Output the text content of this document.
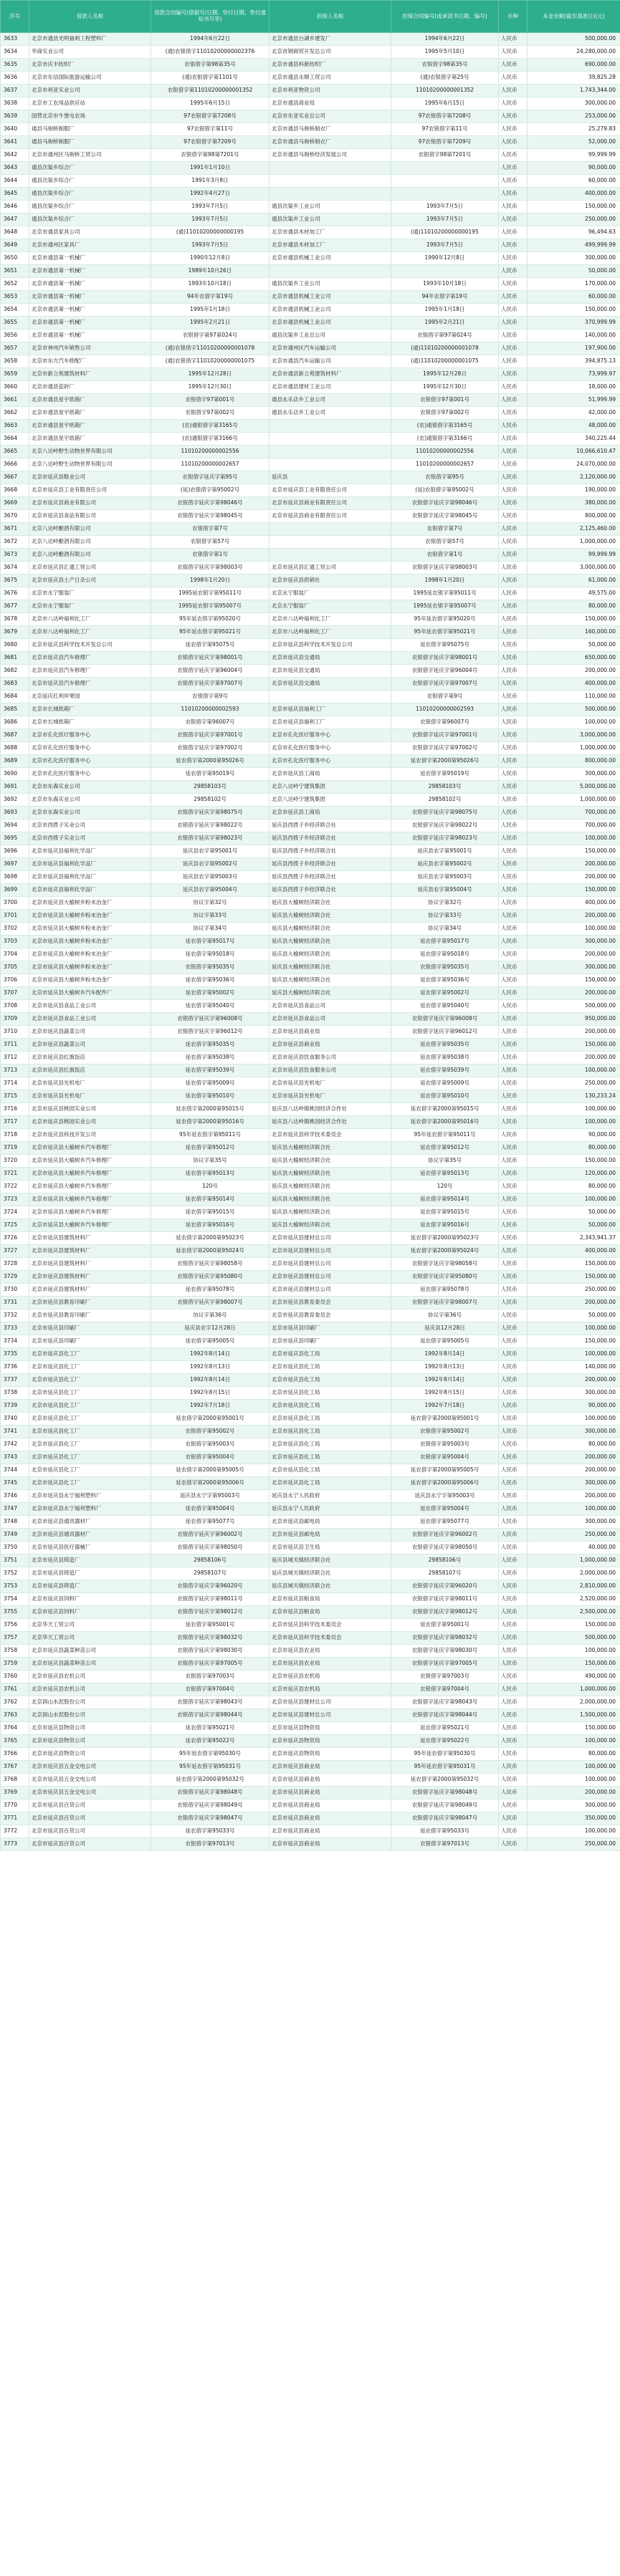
序号	借款人名称	借款合同编号(借据号/日期、垫付日期、垫付通知书号等)	担保人名称	担保合同编号(或承诺书日期、编号)	币种	本金余额(截至基准日)(元)
3633	北京市通县光明福利工程塑料厂	1994年6月22日	北京市通县台湖乡建发厂	1994年6月22日	人民币	500,000.00
3634	华商实业公司	(通)农银借字11010200000002376	北京首钢商贸开发总公司	1995年5月10日	人民币	24,280,000.00
3635	北京市庆丰纺织厂	农银借字第98第35号	北京市通县科新纺织厂	农银借字98第35号	人民币	690,000.00
3636	北京市东信国际旅游运输公司	(通)农银借字第1101号	北京市通县永顺工贸公司	(通)农银借字第25号	人民币	39,825.28
3637	北京市利亚实业公司	农银借字第11010200000001352	北京市利亚物资公司	11010200000001352	人民币	1,743,344.00
3638	北京市工农用品供应站	1995年6月15日	北京市通县商业局	1995年6月15日	人民币	300,000.00
3639	国营北京市牛堡屯农场	97农银借字第7208号	北京市东亚实业总公司	97农银借字第7208号	人民币	253,000.00
3640	通县马驹桥制服厂	97农银借字第11号	北京市通县马驹桥制衣厂	97农银借字第11号	人民币	25,279.83
3641	通县马驹桥制服厂	97农银借字第7209号	北京市通县马驹桥制衣厂	97农银借字第7209号	人民币	52,000.00
3642	北京市通州区马驹桥工贸公司	农银借字第98第7201号	北京市通县马驹桥经济发展公司	农银借字98第7201号	人民币	99,999.99
3643	通县次渠乡综合厂	1991年1月10日			人民币	90,000.00
3644	通县次渠乡综合厂	1991年3月8日			人民币	60,000.00
3645	通县次渠乡综合厂	1992年4月27日			人民币	400,000.00
3646	通县次渠乡综合厂	1993年7月5日	通县次渠乡工业公司	1993年7月5日	人民币	150,000.00
3647	通县次渠乡综合厂	1993年7月5日	通县次渠乡工业公司	1993年7月5日	人民币	250,000.00
3648	北京市通县家具公司	(通)11010200000000195	北京市通县木材加工厂	(通)11010200000000195	人民币	96,494.63
3649	北京市通州区家具厂	1993年7月5日	北京市通县木材加工厂	1993年7月5日	人民币	499,999.99
3650	北京市通县第一机械厂	1990年12月8日	北京市通县机械工业公司	1990年12月8日	人民币	300,000.00
3651	北京市通县第一机械厂	1989年10月26日			人民币	50,000.00
3652	北京市通县第一机械厂	1993年10月18日	通县次渠乡工业公司	1993年10月18日	人民币	170,000.00
3653	北京市通县第一机械厂	94年农借字第19号	北京市通县机械工业公司	94年农借字第19号	人民币	60,000.00
3654	北京市通县第一机械厂	1995年1月18日	北京市通县机械工业公司	1995年1月18日	人民币	150,000.00
3655	北京市通县第一机械厂	1995年2月21日	北京市通县机械工业公司	1995年2月21日	人民币	370,999.99
3656	北京市通县第一机械厂	农银借字第97第024号	通县次渠乡工业总公司	农银借字第97第024号	人民币	140,000.00
3657	北京市神州汽车销售公司	(通)农银借字11010200000001078	北京市通州区汽车运输公司	(通)11010200000001078	人民币	197,900.00
3658	北京市东方汽车修配厂	(通)农银借字11010200000001075	北京市通县汽车运输公司	(通)11010200000001075	人民币	394,875.13
3659	北京市新立苑建筑材料厂	1995年12月28日	北京市通县新立苑建筑材料厂	1995年12月28日	人民币	73,999.97
3660	北京市通县瓷砖厂	1995年12月30日	北京市通县建材工业公司	1995年12月30日	人民币	18,000.00
3661	北京市通县星宇纸箱厂	农银借字97第001号	通县永乐店乡工业公司	农银借字97第001号	人民币	51,999.99
3662	北京市通县星宇纸箱厂	农银借字97第002号	通县永乐店乡工业公司	农银借字97第002号	人民币	42,000.00
3663	北京市通县星宇纸箱厂	(农)通银借字第3165号		(农)通银借字第3165号	人民币	48,000.00
3664	北京市通县星宇纸箱厂	(农)通银借字第3166号		(农)通银借字第3166号	人民币	340,225.44
3665	北京八达岭野生动物世界有限公司	11010200000002556		11010200000002556	人民币	10,066,610.47
3666	北京八达岭野生动物世界有限公司	11010200000002657		11010200000002657	人民币	24,070,000.00
3667	北京市延庆县鞋业公司	农银借字延庆字第95号	延庆县	农银借字第95号	人民币	2,120,000.00
3668	北京市延庆县工业有限责任公司	(延)农银借字第95002号	北京市延庆县工业有限责任公司	(延)农银借字第95002号	人民币	190,000.00
3669	北京市延庆县商业有限公司	农银借字延庆字第98046号	北京市延庆县商业有限责任公司	农银借字延庆字第98046号	人民币	380,000.00
3670	北京市延庆县食品有限公司	农银借字延庆字第98045号	北京市延庆县商业有限责任公司	农银借字延庆字第98045号	人民币	800,000.00
3671	北京八达岭酿酒有限公司	农银借字第7号		农银借字第7号	人民币	2,125,460.00
3672	北京八达岭酿酒有限公司	农银借字第57号		农银借字第57号	人民币	1,000,000.00
3673	北京八达岭酿酒有限公司	农银借字第1号		农银借字第1号	人民币	99,999.99
3674	北京市延庆县汇通工贸公司	农银借字延庆字第98003号	北京市延庆县汇通工贸公司	农银借字延庆字第98003号	人民币	3,000,000.00
3675	北京市延庆县土产日杂公司	1998年1月20日	北京市延庆县供销社	1998年1月20日	人民币	61,000.00
3676	北京市永宁服装厂	1995延农银字第95011号	北京永宁服装厂	1995延农银字第95011号	人民币	49,575.00
3677	北京市永宁服装厂	1995延农银字第95007号	北京永宁服装厂	1995延农银字第95007号	人民币	80,000.00
3678	北京市八达岭福利化工厂	95年延农借字第95020号	北京市八达岭福利化工厂	95年延农借字第95020号	人民币	150,000.00
3679	北京市八达岭福利化工厂	95年延农借字第95021号	北京市八达岭福利化工厂	95年延农借字第95021号	人民币	160,000.00
3680	北京市延庆县科学技术开发总公司	延农借字第95075号	北京市延庆县科学技术开发总公司	延农借字第95075号	人民币	50,000.00
3681	北京市延庆县汽车修理厂	农银借字延庆字第98001号	北京市延庆县交通局	农银借字延庆字第98001号	人民币	650,000.00
3682	北京市延庆县汽车修理厂	农银借字延庆字第96004号	北京市延庆县交通局	农银借字延庆字第96004号	人民币	200,000.00
3683	北京市延庆县汽车修理厂	农银借字延庆字第97007号	北京市延庆县交通局	农银借字延庆字第97007号	人民币	400,000.00
3684	北京延庆红利岸果园	农银借字第9号		农银借字第9号	人民币	110,000.00
3685	北京市长城纸箱厂	11010200000002593	北京市延庆县福利工厂	11010200000002593	人民币	500,000.00
3686	北京市长城纸箱厂	农银借字第96007号	北京市延庆县福利工厂	农银借字第96007号	人民币	100,000.00
3687	北京市孔化医疗服务中心	农银借字延庆字第97001号	北京市孔化医疗服务中心	农银借字延庆字第97001号	人民币	3,000,000.00
3688	北京市孔化医疗服务中心	农银借字延庆字第97002号	北京市孔化医疗服务中心	农银借字延庆字第97002号	人民币	1,000,000.00
3689	北京市孔化医疗服务中心	延农借字第2000第95026号	北京市孔化医疗服务中心	延农借字第2000第95026号	人民币	800,000.00
3690	北京市孔化医疗服务中心	延农借字第95019号	北京市延庆县工商局	延农借字第95019号	人民币	300,000.00
3691	北京市东森实业公司	29858103号	北京八达岭宁建筑集团	29858103号	人民币	5,000,000.00
3692	北京市东森实业公司	29858102号	北京八达岭宁建筑集团	29858102号	人民币	1,000,000.00
3693	北京市东森实业公司	农银借字延庆字第98075号	北京市延庆县工商局	农银借字延庆字第98075号	人民币	700,000.00
3694	北京市西拨子实业公司	农银借字延庆字第98022号	延庆县西拨子乡经济联合社	农银借字延庆字第98022号	人民币	700,000.00
3695	北京市西拨子实业公司	农银借字延庆字第98023号	延庆县西拨子乡经济联合社	农银借字延庆字第98023号	人民币	100,000.00
3696	北京市延庆县福利化学品厂	延庆县农字第95001号	延庆县西拨子乡经济联合社	延庆县农字第95001号	人民币	150,000.00
3697	北京市延庆县福利化学品厂	延庆县农字第95002号	延庆县西拨子乡经济联合社	延庆县农字第95002号	人民币	200,000.00
3698	北京市延庆县福利化学品厂	延庆县农字第95003号	延庆县西拨子乡经济联合社	延庆县农字第95003号	人民币	200,000.00
3699	北京市延庆县福利化学品厂	延庆县农字第95004号	延庆县西拨子乡经济联合社	延庆县农字第95004号	人民币	150,000.00
3700	北京市延庆县大榆树乡粉末冶金厂	协议字第32号	延庆县大榆树经济联合社	协议字第32号	人民币	400,000.00
3701	北京市延庆县大榆树乡粉末冶金厂	协议字第33号	延庆县大榆树经济联合社	协议字第33号	人民币	200,000.00
3702	北京市延庆县大榆树乡粉末冶金厂	协议字第34号	延庆县大榆树经济联合社	协议字第34号	人民币	100,000.00
3703	北京市延庆县大榆树乡粉末冶金厂	延农借字第95017号	延庆县大榆树经济联合社	延农借字第95017号	人民币	300,000.00
3704	北京市延庆县大榆树乡粉末冶金厂	延农借字第95018号	延庆县大榆树经济联合社	延农借字第95018号	人民币	200,000.00
3705	北京市延庆县大榆树乡粉末冶金厂	农银借字第95035号	延庆县大榆树经济联合社	农银借字第95035号	人民币	300,000.00
3706	北京市延庆县大榆树乡粉末冶金厂	延农借字第95036号	延庆县大榆树经济联合社	延农借字第95036号	人民币	150,000.00
3707	北京市延庆县大榆树乡汽车配件厂	延农借字第95002号	延庆县大榆树经济联合社	延农借字第95002号	人民币	200,000.00
3708	北京市延庆县食品工业公司	延农借字第95040号	北京市延庆县食品公司	延农借字第95040号	人民币	500,000.00
3709	北京市延庆县食品工业公司	农银借字延庆字第96008号	北京市延庆县食品公司	农银借字延庆字第96008号	人民币	950,000.00
3710	北京市延庆县蔬菜公司	农银借字延庆字第96012号	北京市延庆县商业局	农银借字延庆字第96012号	人民币	200,000.00
3711	北京市延庆县蔬菜公司	延农借字第95035号	北京市延庆县商业局	延农借字第95035号	人民币	150,000.00
3712	北京市延庆县红旗饭店	延农借字第95038号	北京市延庆县饮食服务公司	延农借字第95038号	人民币	200,000.00
3713	北京市延庆县红旗饭店	延农借字第95039号	北京市延庆县饮食服务公司	延农借字第95039号	人民币	100,000.00
3714	北京市延庆县光机电厂	延农借字第95009号	北京市延庆县光机电厂	延农借字第95009号	人民币	250,000.00
3715	北京市延庆县光机电厂	延农借字第95010号	北京市延庆县光机电厂	延农借字第95010号	人民币	130,233.24
3716	北京市延庆县桃园实业公司	延农借字第2000第95015号	延庆县八达岭镇桃园经济合作社	延农借字第2000第95015号	人民币	100,000.00
3717	北京市延庆县桃园实业公司	延农借字第2000第95016号	延庆县八达岭镇桃园经济合作社	延农借字第2000第95016号	人民币	100,000.00
3718	北京市延庆县科技开发公司	95年延农借字第95011号	北京市延庆县科学技术委员会	95年延农借字第95011号	人民币	90,000.00
3719	北京市延庆县大榆树乡汽车修理厂	延农借字第95012号	延庆县大榆树经济联合社	延农借字第95012号	人民币	80,000.00
3720	北京市延庆县大榆树乡汽车修理厂	协议字第35号	延庆县大榆树经济联合社	协议字第35号	人民币	150,000.00
3721	北京市延庆县大榆树乡汽车修理厂	延农借字第95013号	延庆县大榆树经济联合社	延农借字第95013号	人民币	120,000.00
3722	北京市延庆县大榆树乡汽车修理厂	120号	延庆县大榆树经济联合社	120号	人民币	80,000.00
3723	北京市延庆县大榆树乡汽车修理厂	延农借字第95014号	延庆县大榆树经济联合社	延农借字第95014号	人民币	100,000.00
3724	北京市延庆县大榆树乡汽车修理厂	延农借字第95015号	延庆县大榆树经济联合社	延农借字第95015号	人民币	50,000.00
3725	北京市延庆县大榆树乡汽车修理厂	延农借字第95016号	延庆县大榆树经济联合社	延农借字第95016号	人民币	50,000.00
3726	北京市延庆县建筑材料厂	延农借字第2000第95023号	北京市延庆县建材总公司	延农借字第2000第95023号	人民币	2,343,941.37
3727	北京市延庆县建筑材料厂	延农借字第2000第95024号	北京市延庆县建材总公司	延农借字第2000第95024号	人民币	400,000.00
3728	北京市延庆县建筑材料厂	农银借字延庆字第98058号	北京市延庆县建材总公司	农银借字延庆字第98058号	人民币	150,000.00
3729	北京市延庆县建筑材料厂	农银借字延庆字第95080号	北京市延庆县建材总公司	农银借字延庆字第95080号	人民币	150,000.00
3730	北京市延庆县建筑材料厂	延农借字第95078号	北京市延庆县建材总公司	延农借字第95078号	人民币	250,000.00
3731	北京市延庆县教育印刷厂	农银借字延庆字第98007号	北京市延庆县教育委员会	农银借字延庆字第98007号	人民币	200,000.00
3732	北京市延庆县教育印刷厂	协议字第36号	北京市延庆县教育委员会	协议字第36号	人民币	50,000.00
3733	北京市延庆县印刷厂	延庆县农字12月28日	北京市延庆县印刷厂	延庆县12月28日	人民币	100,000.00
3734	北京市延庆县印刷厂	延农借字第95005号	北京市延庆县印刷厂	延农借字第95005号	人民币	150,000.00
3735	北京市延庆县化工厂	1992年8月14日	北京市延庆县化工局	1992年8月14日	人民币	100,000.00
3736	北京市延庆县化工厂	1992年8月13日	北京市延庆县化工局	1992年8月13日	人民币	140,000.00
3737	北京市延庆县化工厂	1992年8月14日	北京市延庆县化工局	1992年8月14日	人民币	200,000.00
3738	北京市延庆县化工厂	1992年8月15日	北京市延庆县化工局	1992年8月15日	人民币	300,000.00
3739	北京市延庆县化工厂	1992年7月18日	北京市延庆县化工局	1992年7月18日	人民币	90,000.00
3740	北京市延庆县化工厂	延农借字第2000第95001号	北京市延庆县化工局	延农借字第2000第95001号	人民币	100,000.00
3741	北京市延庆县化工厂	农银借字第95002号	北京市延庆县化工局	农银借字第95002号	人民币	300,000.00
3742	北京市延庆县化工厂	农银借字第95003号	北京市延庆县化工局	农银借字第95003号	人民币	80,000.00
3743	北京市延庆县化工厂	农银借字第95004号	北京市延庆县化工局	农银借字第95004号	人民币	200,000.00
3744	北京市延庆县化工厂	延农借字第2000第95005号	北京市延庆县化工局	延农借字第2000第95005号	人民币	200,000.00
3745	北京市延庆县化工厂	延农借字第2000第95006号	北京市延庆县化工局	延农借字第2000第95006号	人民币	300,000.00
3746	北京市延庆县永宁福利塑料厂	延庆县永宁字第95003号	延庆县永宁人民政府	延庆县永宁字第95003号	人民币	200,000.00
3747	北京市延庆县永宁福利塑料厂	延农借字第95004号	延庆县永宁人民政府	延农借字第95004号	人民币	100,000.00
3748	北京市延庆县通讯器材厂	延农借字第95077号	北京市延庆县邮电局	延农借字第95077号	人民币	300,000.00
3749	北京市延庆县通讯器材厂	农银借字延庆字第96002号	北京市延庆县邮电局	农银借字延庆字第96002号	人民币	250,000.00
3750	北京市延庆县医疗器械厂	农银借字延庆字第98050号	北京市延庆县卫生局	农银借字延庆字第98050号	人民币	40,000.00
3751	北京市延庆县铸造厂	29858106号	延庆县城关镇经济联合社	29858106号	人民币	1,000,000.00
3752	北京市延庆县铸造厂	29858107号	延庆县城关镇经济联合社	29858107号	人民币	2,000,000.00
3753	北京市延庆县铸造厂	农银借字延庆字第96020号	延庆县城关镇经济联合社	农银借字延庆字第96020号	人民币	2,810,000.00
3754	北京市延庆县饲料厂	农银借字延庆字第98011号	北京市延庆县粮食局	农银借字延庆字第98011号	人民币	2,520,000.00
3755	北京市延庆县饲料厂	农银借字延庆字第98012号	北京市延庆县粮食局	农银借字延庆字第98012号	人民币	2,500,000.00
3756	北京华天工贸公司	延农借字第95001号	北京市延庆县科学技术委员会	延农借字第95001号	人民币	150,000.00
3757	北京华天工贸公司	农银借字延庆字第98032号	北京市延庆县科学技术委员会	农银借字延庆字第98032号	人民币	500,000.00
3758	北京市延庆县蔬菜种苗公司	农银借字延庆字第98030号	北京市延庆县农业局	农银借字延庆字第98030号	人民币	100,000.00
3759	北京市延庆县蔬菜种苗公司	农银借字延庆字第97005号	北京市延庆县农业局	农银借字延庆字第97005号	人民币	150,000.00
3760	北京市延庆县农机公司	农银借字第97003号	北京市延庆县农机局	农银借字第97003号	人民币	490,000.00
3761	北京市延庆县农机公司	农银借字第97004号	北京市延庆县农机局	农银借字第97004号	人民币	1,000,000.00
3762	北京润山水泥股份公司	农银借字延庆字第98043号	北京市延庆县建材总公司	农银借字延庆字第98043号	人民币	2,000,000.00
3763	北京润山水泥股份公司	农银借字延庆字第98044号	北京市延庆县建材总公司	农银借字延庆字第98044号	人民币	1,500,000.00
3764	北京市延庆县物资公司	延农借字第95021号	北京市延庆县物资局	延农借字第95021号	人民币	150,000.00
3765	北京市延庆县物资公司	延农借字第95022号	北京市延庆县物资局	延农借字第95022号	人民币	100,000.00
3766	北京市延庆县物资公司	95年延农借字第95030号	北京市延庆县物资局	95年延农借字第95030号	人民币	80,000.00
3767	北京市延庆县五金交电公司	95年延农借字第95031号	北京市延庆县商业局	95年延农借字第95031号	人民币	100,000.00
3768	北京市延庆县五金交电公司	延农借字第2000第95032号	北京市延庆县商业局	延农借字第2000第95032号	人民币	100,000.00
3769	北京市延庆县五金交电公司	农银借字延庆字第98048号	北京市延庆县商业局	农银借字延庆字第98048号	人民币	200,000.00
3770	北京市延庆县百货公司	农银借字延庆字第98049号	北京市延庆县商业局	农银借字延庆字第98049号	人民币	300,000.00
3771	北京市延庆县百货公司	农银借字延庆字第98047号	北京市延庆县商业局	农银借字延庆字第98047号	人民币	350,000.00
3772	北京市延庆县百货公司	延农借字第95033号	北京市延庆县商业局	延农借字第95033号	人民币	100,000.00
3773	北京市延庆县百货公司	农银借字第97013号	北京市延庆县商业局	农银借字第97013号	人民币	250,000.00
